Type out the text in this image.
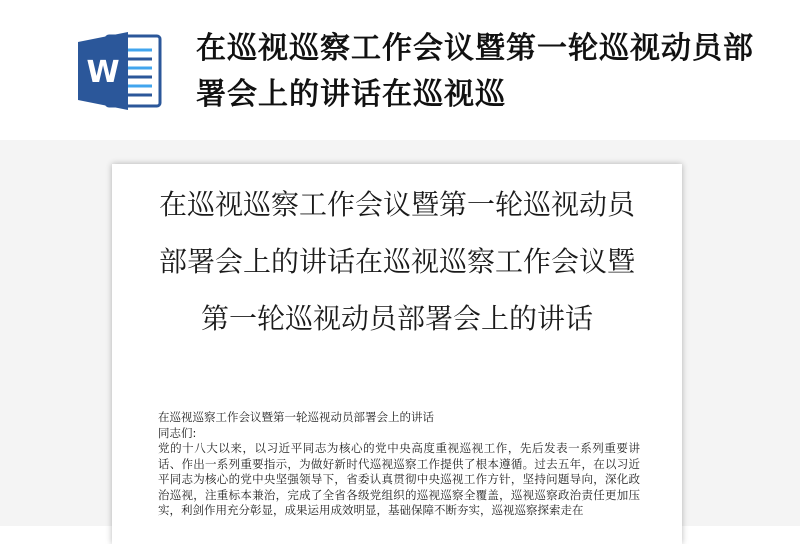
W
在巡视巡察工作会议暨第一轮巡视动员部署会上的讲话在巡视巡
在巡视巡察工作会议暨第一轮巡视动员部署会上的讲话在巡视巡察工作会议暨第一轮巡视动员部署会上的讲话

在巡视巡察工作会议暨第一轮巡视动员部署会上的讲话

同志们:

党的十八大以来，以习近平同志为核心的党中央高度重视巡视工作，先后发表一系列重要讲话、作出一系列重要指示，为做好新时代巡视巡察工作提供了根本遵循。过去五年，在以习近平同志为核心的党中央坚强领导下，省委认真贯彻中央巡视工作方针，坚持问题导向，深化政治巡视，注重标本兼治，完成了全省各级党组织的巡视巡察全覆盖，巡视巡察政治责任更加压实，利剑作用充分彰显，成果运用成效明显，基础保障不断夯实，巡视巡察探索走在
